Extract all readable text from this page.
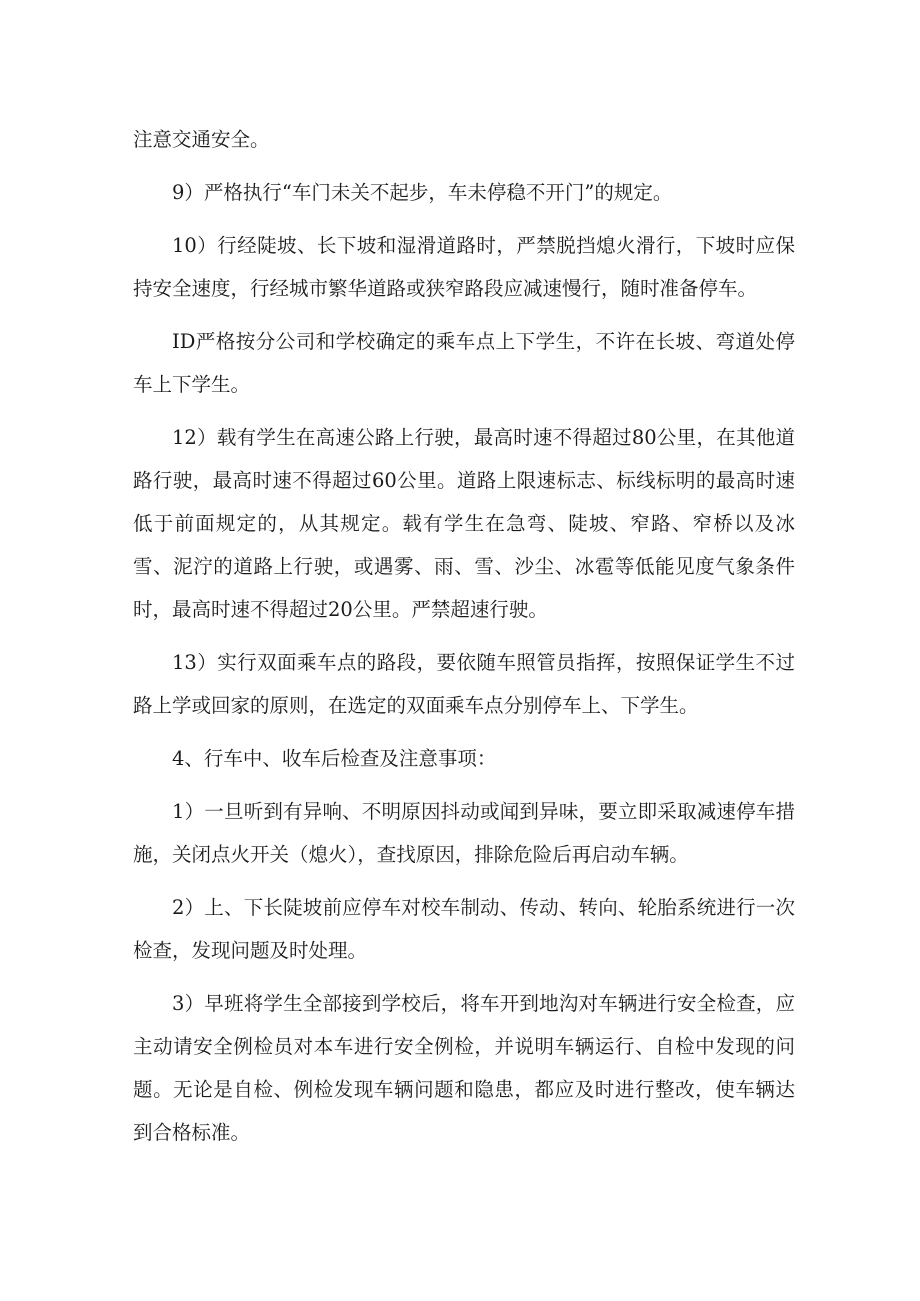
注意交通安全。

9）严格执行“车门未关不起步，车未停稳不开门”的规定。

10）行经陡坡、长下坡和湿滑道路时，严禁脱挡熄火滑行，下坡时应保持安全速度，行经城市繁华道路或狭窄路段应减速慢行，随时准备停车。

ID严格按分公司和学校确定的乘车点上下学生，不许在长坡、弯道处停车上下学生。

12）载有学生在高速公路上行驶，最高时速不得超过80公里，在其他道路行驶，最高时速不得超过60公里。道路上限速标志、标线标明的最高时速低于前面规定的，从其规定。载有学生在急弯、陡坡、窄路、窄桥以及冰雪、泥泞的道路上行驶，或遇雾、雨、雪、沙尘、冰雹等低能见度气象条件时，最高时速不得超过20公里。严禁超速行驶。

13）实行双面乘车点的路段，要依随车照管员指挥，按照保证学生不过路上学或回家的原则，在选定的双面乘车点分别停车上、下学生。

4、行车中、收车后检查及注意事项：

1）一旦听到有异响、不明原因抖动或闻到异味，要立即采取减速停车措施，关闭点火开关（熄火），查找原因，排除危险后再启动车辆。

2）上、下长陡坡前应停车对校车制动、传动、转向、轮胎系统进行一次检查，发现问题及时处理。

3）早班将学生全部接到学校后，将车开到地沟对车辆进行安全检查，应主动请安全例检员对本车进行安全例检，并说明车辆运行、自检中发现的问题。无论是自检、例检发现车辆问题和隐患，都应及时进行整改，使车辆达到合格标准。
